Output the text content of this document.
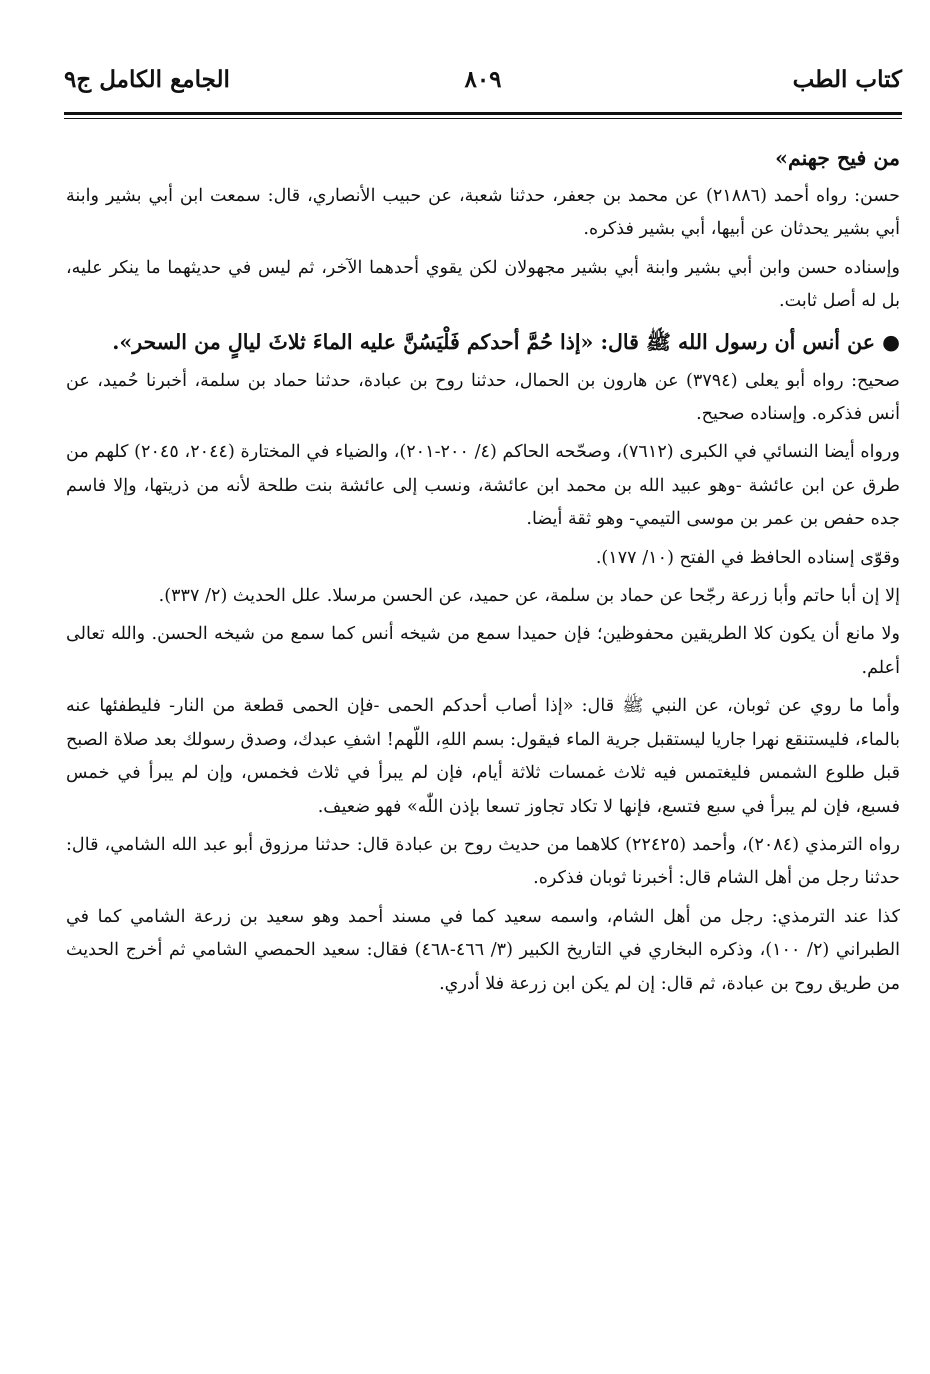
كتاب الطب
٨٠٩
الجامع الكامل ج٩

من فيح جهنم»

حسن: رواه أحمد (٢١٨٨٦) عن محمد بن جعفر، حدثنا شعبة، عن حبيب الأنصاري، قال: سمعت ابن أبي بشير وابنة أبي بشير يحدثان عن أبيها، أبي بشير فذكره.

وإسناده حسن وابن أبي بشير وابنة أبي بشير مجهولان لكن يقوي أحدهما الآخر، ثم ليس في حديثهما ما ينكر عليه، بل له أصل ثابت.

● عن أنس أن رسول الله ﷺ قال: «إذا حُمَّ أحدكم فَلْيَسُنَّ عليه الماءَ ثلاثَ ليالٍ من السحر».

صحيح: رواه أبو يعلى (٣٧٩٤) عن هارون بن الحمال، حدثنا روح بن عبادة، حدثنا حماد بن سلمة، أخبرنا حُميد، عن أنس فذكره. وإسناده صحيح.

ورواه أيضا النسائي في الكبرى (٧٦١٢)، وصحّحه الحاكم (٤/ ٢٠٠-٢٠١)، والضياء في المختارة (٢٠٤٤، ٢٠٤٥) كلهم من طرق عن ابن عائشة -وهو عبيد الله بن محمد ابن عائشة، ونسب إلى عائشة بنت طلحة لأنه من ذريتها، وإلا فاسم جده حفص بن عمر بن موسى التيمي- وهو ثقة أيضا.

وقوّى إسناده الحافظ في الفتح (١٠/ ١٧٧).

إلا إن أبا حاتم وأبا زرعة رجّحا عن حماد بن سلمة، عن حميد، عن الحسن مرسلا. علل الحديث (٢/ ٣٣٧).

ولا مانع أن يكون كلا الطريقين محفوظين؛ فإن حميدا سمع من شيخه أنس كما سمع من شيخه الحسن. والله تعالى أعلم.

وأما ما روي عن ثوبان، عن النبي ﷺ قال: «إذا أصاب أحدكم الحمى -فإن الحمى قطعة من النار- فليطفئها عنه بالماء، فليستنقع نهرا جاريا ليستقبل جرية الماء فيقول: بسم اللهِ، اللّهم! اشفِ عبدك، وصدق رسولك بعد صلاة الصبح قبل طلوع الشمس فليغتمس فيه ثلاث غمسات ثلاثة أيام، فإن لم يبرأ في ثلاث فخمس، وإن لم يبرأ في خمس فسبع، فإن لم يبرأ في سبع فتسع، فإنها لا تكاد تجاوز تسعا بإذن اللّٰه» فهو ضعيف.

رواه الترمذي (٢٠٨٤)، وأحمد (٢٢٤٢٥) كلاهما من حديث روح بن عبادة قال: حدثنا مرزوق أبو عبد الله الشامي، قال: حدثنا رجل من أهل الشام قال: أخبرنا ثوبان فذكره.

كذا عند الترمذي: رجل من أهل الشام، واسمه سعيد كما في مسند أحمد وهو سعيد بن زرعة الشامي كما في الطبراني (٢/ ١٠٠)، وذكره البخاري في التاريخ الكبير (٣/ ٤٦٦-٤٦٨) فقال: سعيد الحمصي الشامي ثم أخرج الحديث من طريق روح بن عبادة، ثم قال: إن لم يكن ابن زرعة فلا أدري.
